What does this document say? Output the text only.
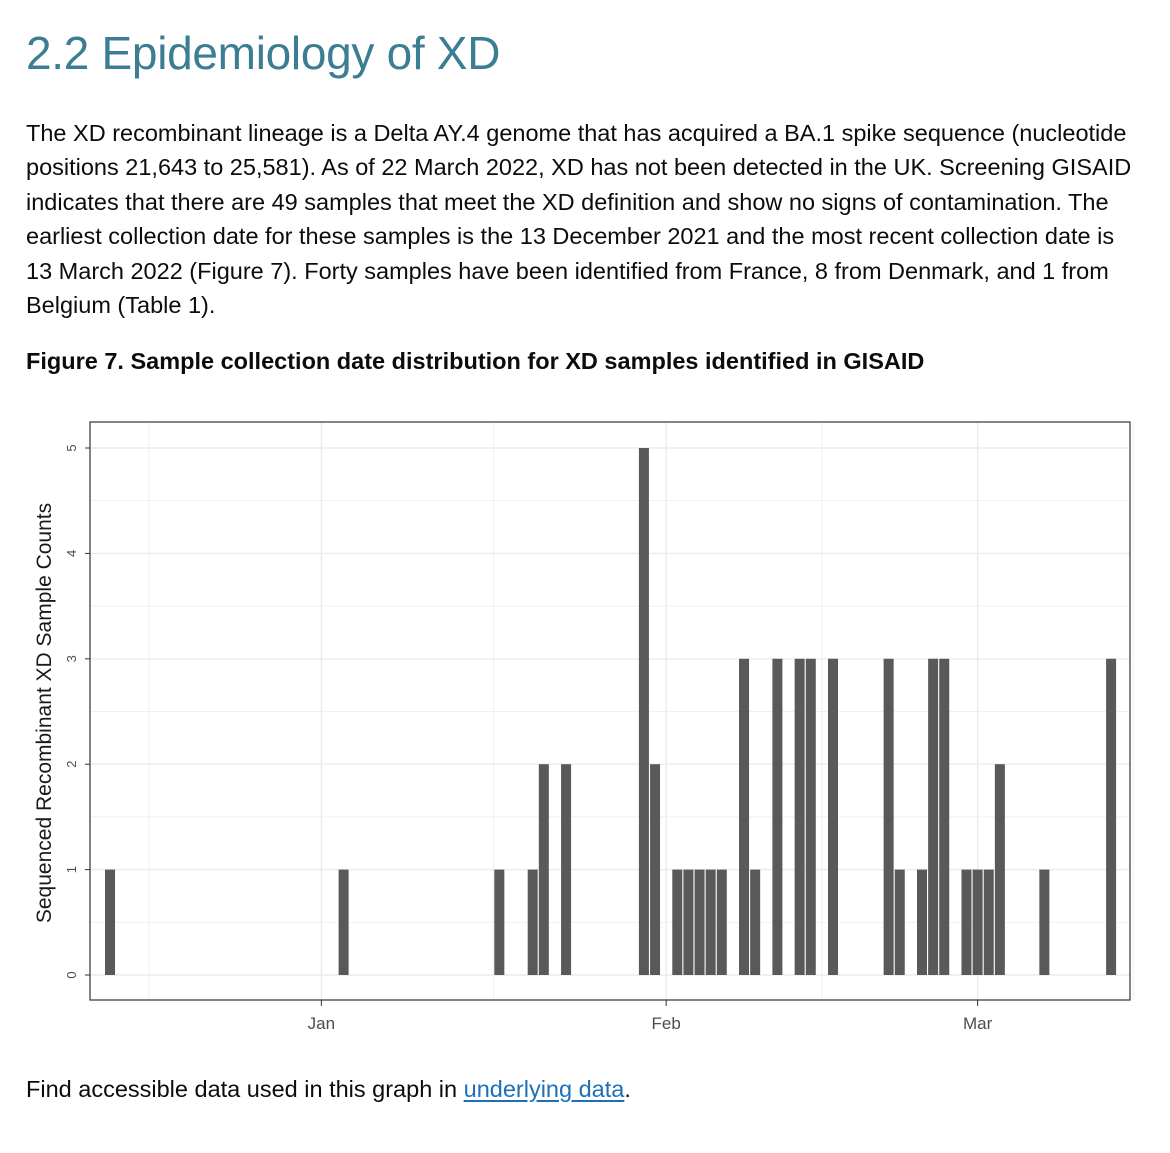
2.2 Epidemiology of XD

The XD recombinant lineage is a Delta AY.4 genome that has acquired a BA.1 spike sequence (nucleotide positions 21,643 to 25,581). As of 22 March 2022, XD has not been detected in the UK. Screening GISAID indicates that there are 49 samples that meet the XD definition and show no signs of contamination. The earliest collection date for these samples is the 13 December 2021 and the most recent collection date is 13 March 2022 (Figure 7). Forty samples have been identified from France, 8 from Denmark, and 1 from Belgium (Table 1).

Figure 7. Sample collection date distribution for XD samples identified in GISAID

0
1
2
3
4
5
Jan	Feb	Mar
Sequenced Recombinant XD Sample Counts

Find accessible data used in this graph in underlying data.
